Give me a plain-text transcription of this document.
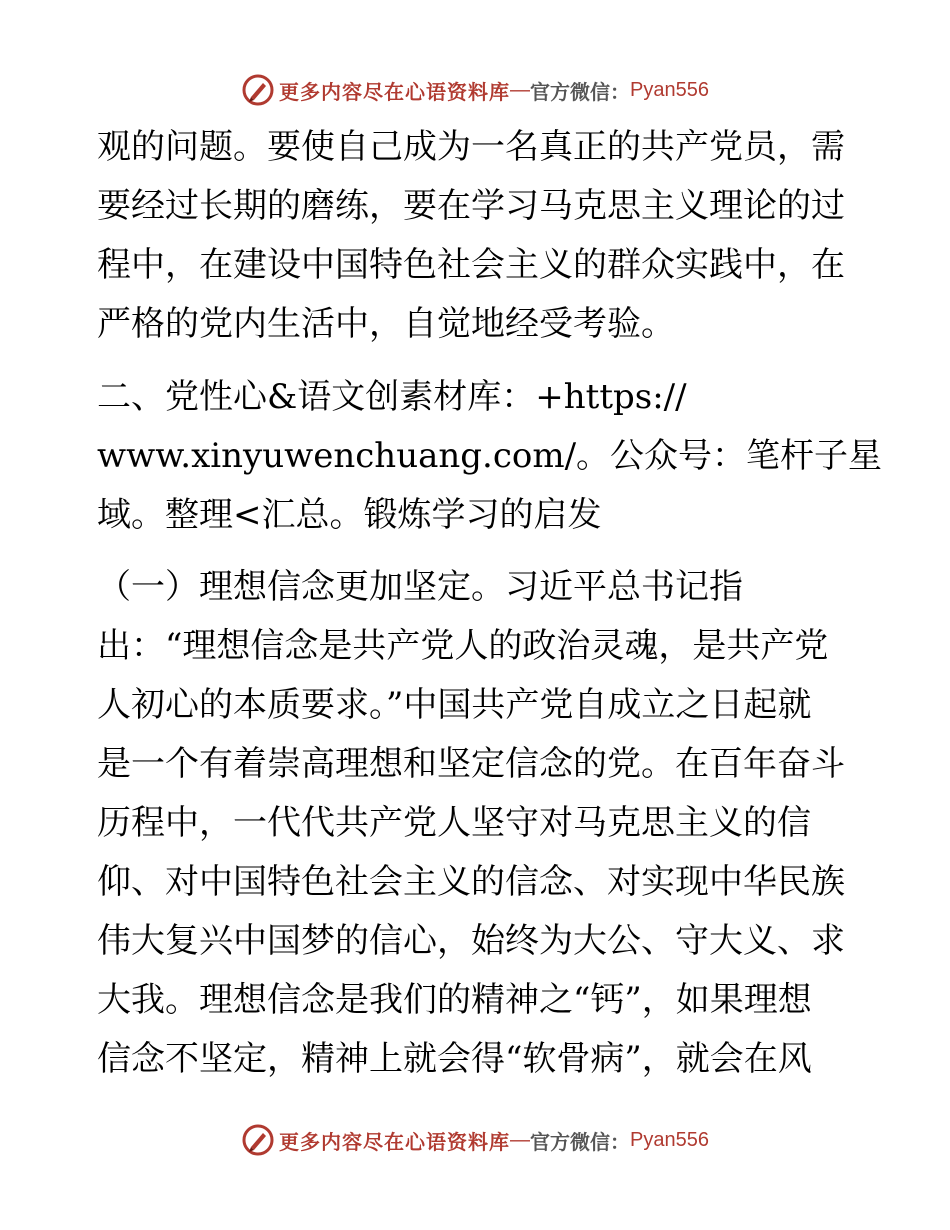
更多内容尽在心语资料库 — 官方微信： Pyan556

观的问题。要使自己成为一名真正的共产党员，需

要经过长期的磨练，要在学习马克思主义理论的过

程中，在建设中国特色社会主义的群众实践中，在

严格的党内生活中，自觉地经受考验。

二、党性心&语文创素材库：+https://

www.xinyuwenchuang.com/。公众号：笔杆子星

域。整理<汇总。锻炼学习的启发

（一）理想信念更加坚定。习近平总书记指

出：“理想信念是共产党人的政治灵魂，是共产党

人初心的本质要求。”中国共产党自成立之日起就

是一个有着崇高理想和坚定信念的党。在百年奋斗

历程中，一代代共产党人坚守对马克思主义的信

仰、对中国特色社会主义的信念、对实现中华民族

伟大复兴中国梦的信心，始终为大公、守大义、求

大我。理想信念是我们的精神之“钙”，如果理想

信念不坚定，精神上就会得“软骨病”，就会在风

更多内容尽在心语资料库 — 官方微信： Pyan556
